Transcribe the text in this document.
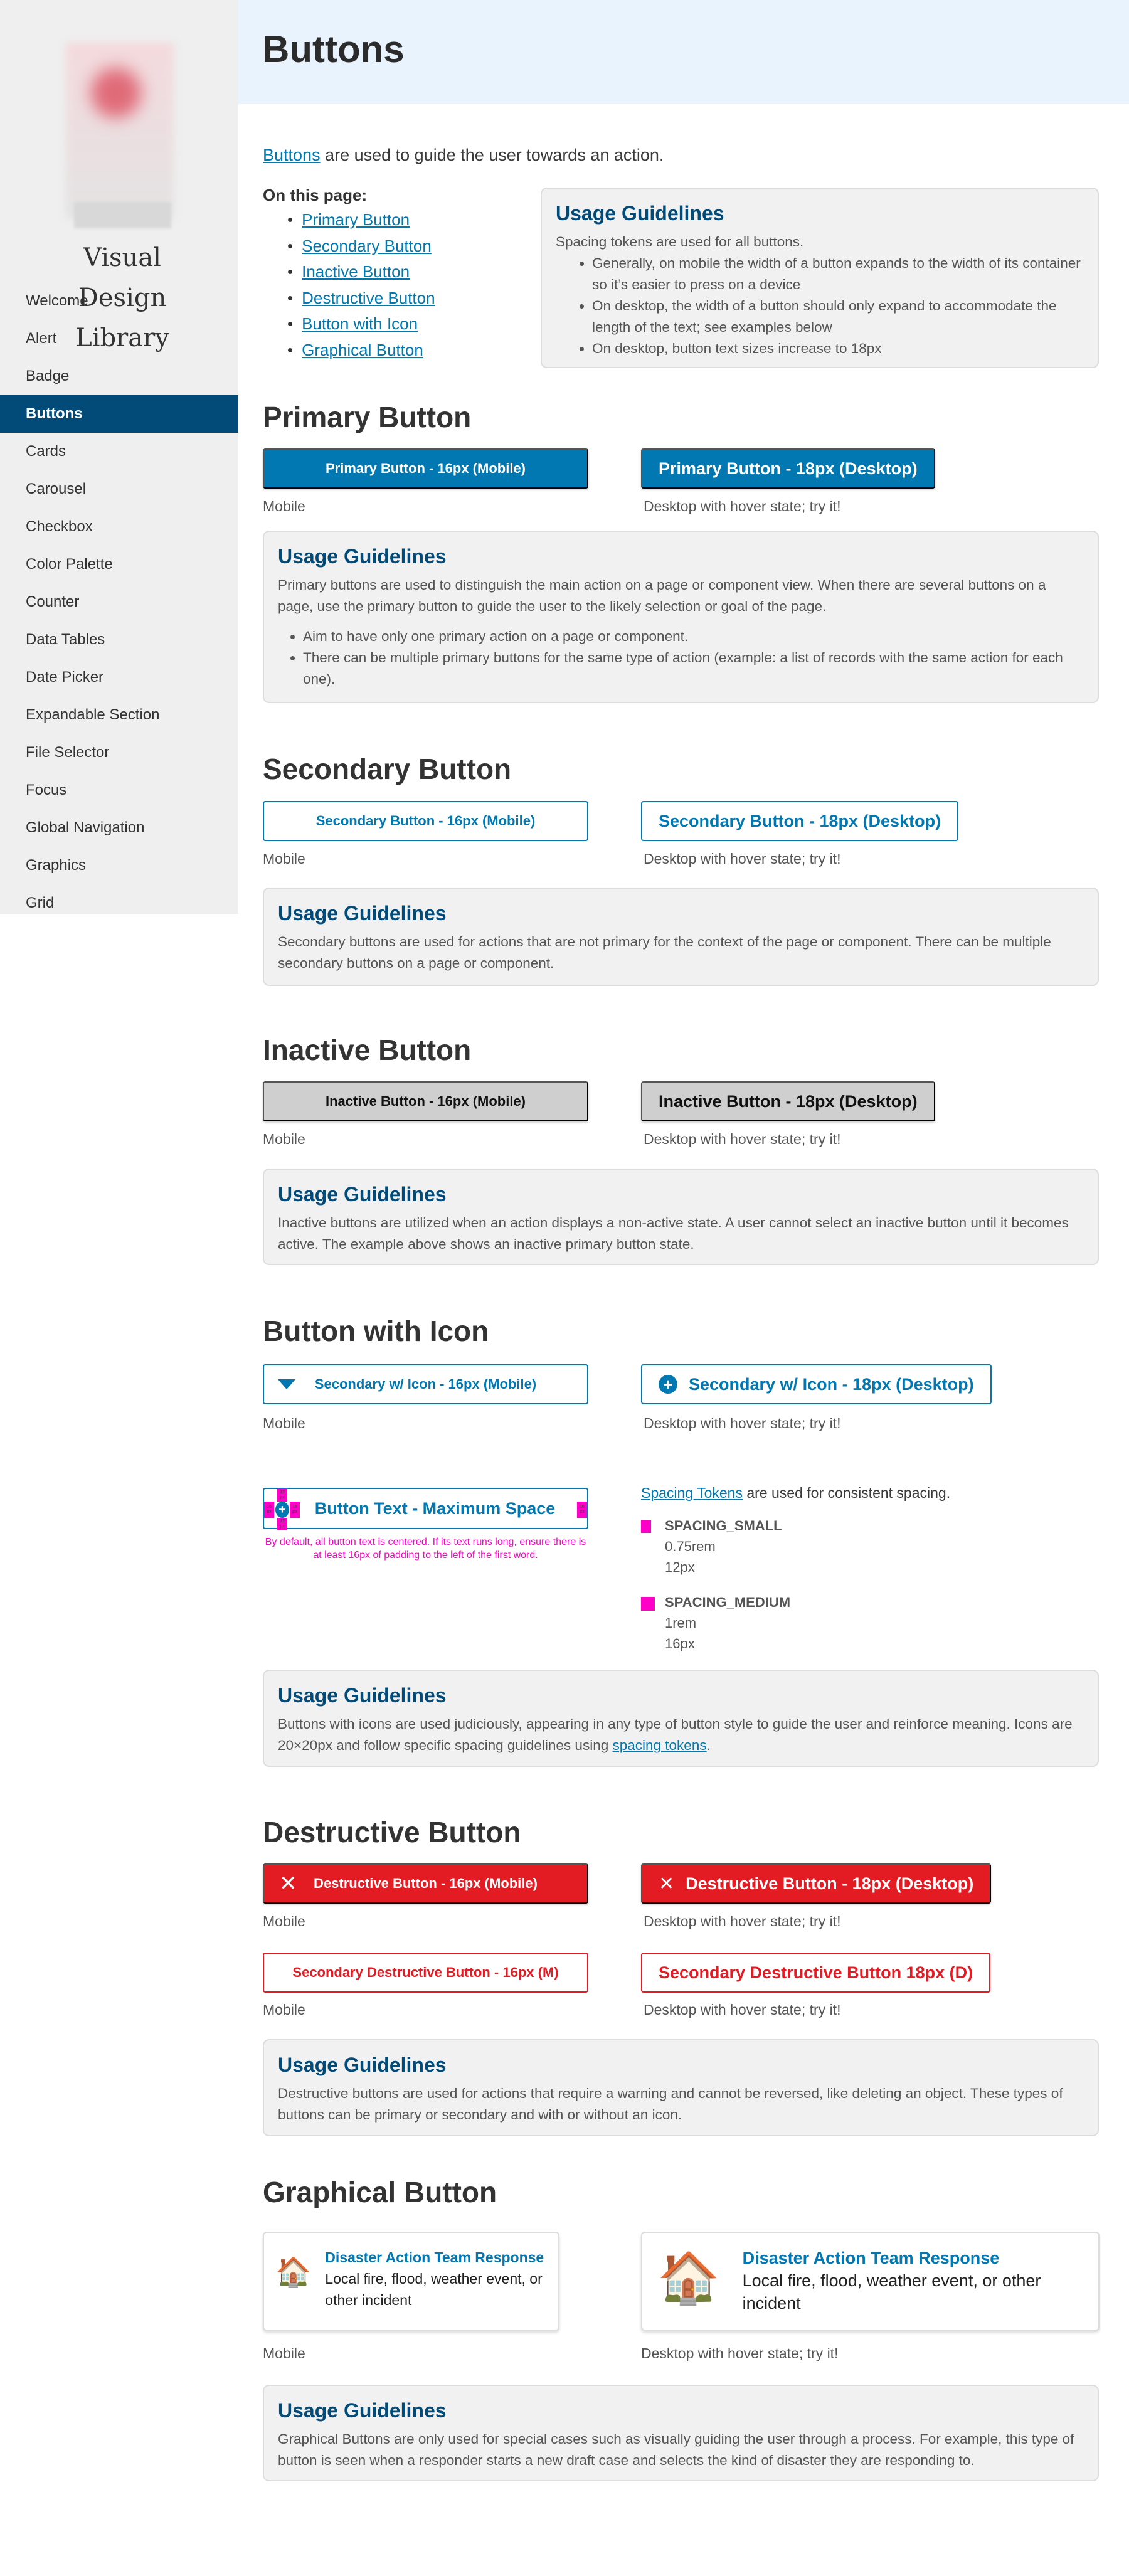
Visual
Design Library
Welcome
Alert
Badge
Buttons
Cards
Carousel
Checkbox
Color Palette
Counter
Data Tables
Date Picker
Expandable Section
File Selector
Focus
Global Navigation
Graphics
Grid
Buttons

Buttons are used to guide the user towards an action.

On this page:
• Primary Button
• Secondary Button
• Inactive Button
• Destructive Button
• Button with Icon
• Graphical Button
Usage Guidelines

Spacing tokens are used for all buttons.

• Generally, on mobile the width of a button expands to the width of its container so it’s easier to press on a device
• On desktop, the width of a button should only expand to accommodate the length of the text; see examples below
• On desktop, button text sizes increase to 18px
Primary Button
Primary Button - 16px (Mobile)	Primary Button - 18px (Desktop)
Mobile	Desktop with hover state; try it!
Usage Guidelines

Primary buttons are used to distinguish the main action on a page or component view. When there are several buttons on a page, use the primary button to guide the user to the likely selection or goal of the page.

• Aim to have only one primary action on a page or component.
• There can be multiple primary buttons for the same type of action (example: a list of records with the same action for each one).
Secondary Button
Secondary Button - 16px (Mobile)	Secondary Button - 18px (Desktop)
Mobile	Desktop with hover state; try it!
Usage Guidelines

Secondary buttons are used for actions that are not primary for the context of the page or component. There can be multiple secondary buttons on a page or component.

Inactive Button
Inactive Button - 16px (Mobile)	Inactive Button - 18px (Desktop)
Mobile	Desktop with hover state; try it!
Usage Guidelines

Inactive buttons are utilized when an action displays a non-active state. A user cannot select an inactive button until it becomes active. The example above shows an inactive primary button state.

Button with Icon
Secondary w/ Icon - 16px (Mobile)	+ Secondary w/ Icon - 18px (Desktop)
Mobile	Desktop with hover state; try it!
16 px
12 px
+
12 px
16 px
16 px
Button Text - Maximum Space
By default, all button text is centered. If its text runs long, ensure there is at least 16px of padding to the left of the first word.
Spacing Tokens are used for consistent spacing.
SPACING_SMALL
0.75rem
12px
SPACING_MEDIUM
1rem
16px
Usage Guidelines

Buttons with icons are used judiciously, appearing in any type of button style to guide the user and reinforce meaning. Icons are 20×20px and follow specific spacing guidelines using spacing tokens.

Destructive Button
✕ Destructive Button - 16px (Mobile)	✕ Destructive Button - 18px (Desktop)
Mobile	Desktop with hover state; try it!
Secondary Destructive Button - 16px (M)	Secondary Destructive Button 18px (D)
Mobile	Desktop with hover state; try it!
Usage Guidelines

Destructive buttons are used for actions that require a warning and cannot be reversed, like deleting an object. These types of buttons can be primary or secondary and with or without an icon.

Graphical Button
🏠 Disaster Action Team Response
Local fire, flood, weather event, or other incident	🏠 Disaster Action Team Response
Local fire, flood, weather event, or other incident
Mobile	Desktop with hover state; try it!
Usage Guidelines

Graphical Buttons are only used for special cases such as visually guiding the user through a process. For example, this type of button is seen when a responder starts a new draft case and selects the kind of disaster they are responding to.
